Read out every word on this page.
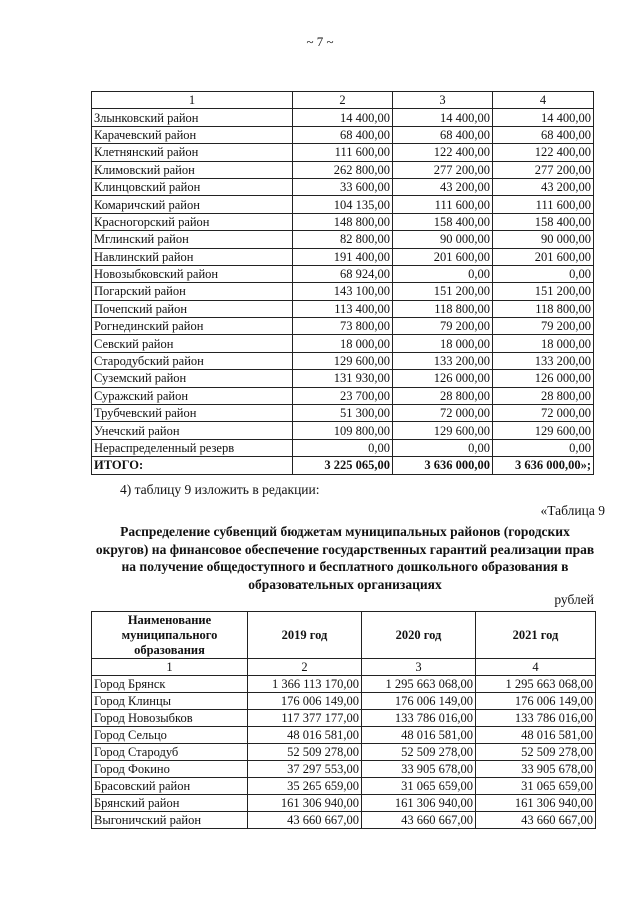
~ 7 ~
1	2	3	4
Злынковский район	14 400,00	14 400,00	14 400,00
Карачевский район	68 400,00	68 400,00	68 400,00
Клетнянский район	111 600,00	122 400,00	122 400,00
Климовский район	262 800,00	277 200,00	277 200,00
Клинцовский район	33 600,00	43 200,00	43 200,00
Комаричский район	104 135,00	111 600,00	111 600,00
Красногорский район	148 800,00	158 400,00	158 400,00
Мглинский район	82 800,00	90 000,00	90 000,00
Навлинский район	191 400,00	201 600,00	201 600,00
Новозыбковский район	68 924,00	0,00	0,00
Погарский район	143 100,00	151 200,00	151 200,00
Почепский район	113 400,00	118 800,00	118 800,00
Рогнединский район	73 800,00	79 200,00	79 200,00
Севский район	18 000,00	18 000,00	18 000,00
Стародубский район	129 600,00	133 200,00	133 200,00
Суземский район	131 930,00	126 000,00	126 000,00
Суражский район	23 700,00	28 800,00	28 800,00
Трубчевский район	51 300,00	72 000,00	72 000,00
Унечский район	109 800,00	129 600,00	129 600,00
Нераспределенный резерв	0,00	0,00	0,00
ИТОГО:	3 225 065,00	3 636 000,00	3 636 000,00»;
4) таблицу 9 изложить в редакции:
«Таблица 9
Распределение субвенций бюджетам муниципальных районов (городских округов) на финансовое обеспечение государственных гарантий реализации прав на получение общедоступного и бесплатного дошкольного образования в образовательных организациях
рублей
Наименование муниципального образования	2019 год	2020 год	2021 год
1	2	3	4
Город Брянск	1 366 113 170,00	1 295 663 068,00	1 295 663 068,00
Город Клинцы	176 006 149,00	176 006 149,00	176 006 149,00
Город Новозыбков	117 377 177,00	133 786 016,00	133 786 016,00
Город Сельцо	48 016 581,00	48 016 581,00	48 016 581,00
Город Стародуб	52 509 278,00	52 509 278,00	52 509 278,00
Город Фокино	37 297 553,00	33 905 678,00	33 905 678,00
Брасовский район	35 265 659,00	31 065 659,00	31 065 659,00
Брянский район	161 306 940,00	161 306 940,00	161 306 940,00
Выгоничский район	43 660 667,00	43 660 667,00	43 660 667,00
